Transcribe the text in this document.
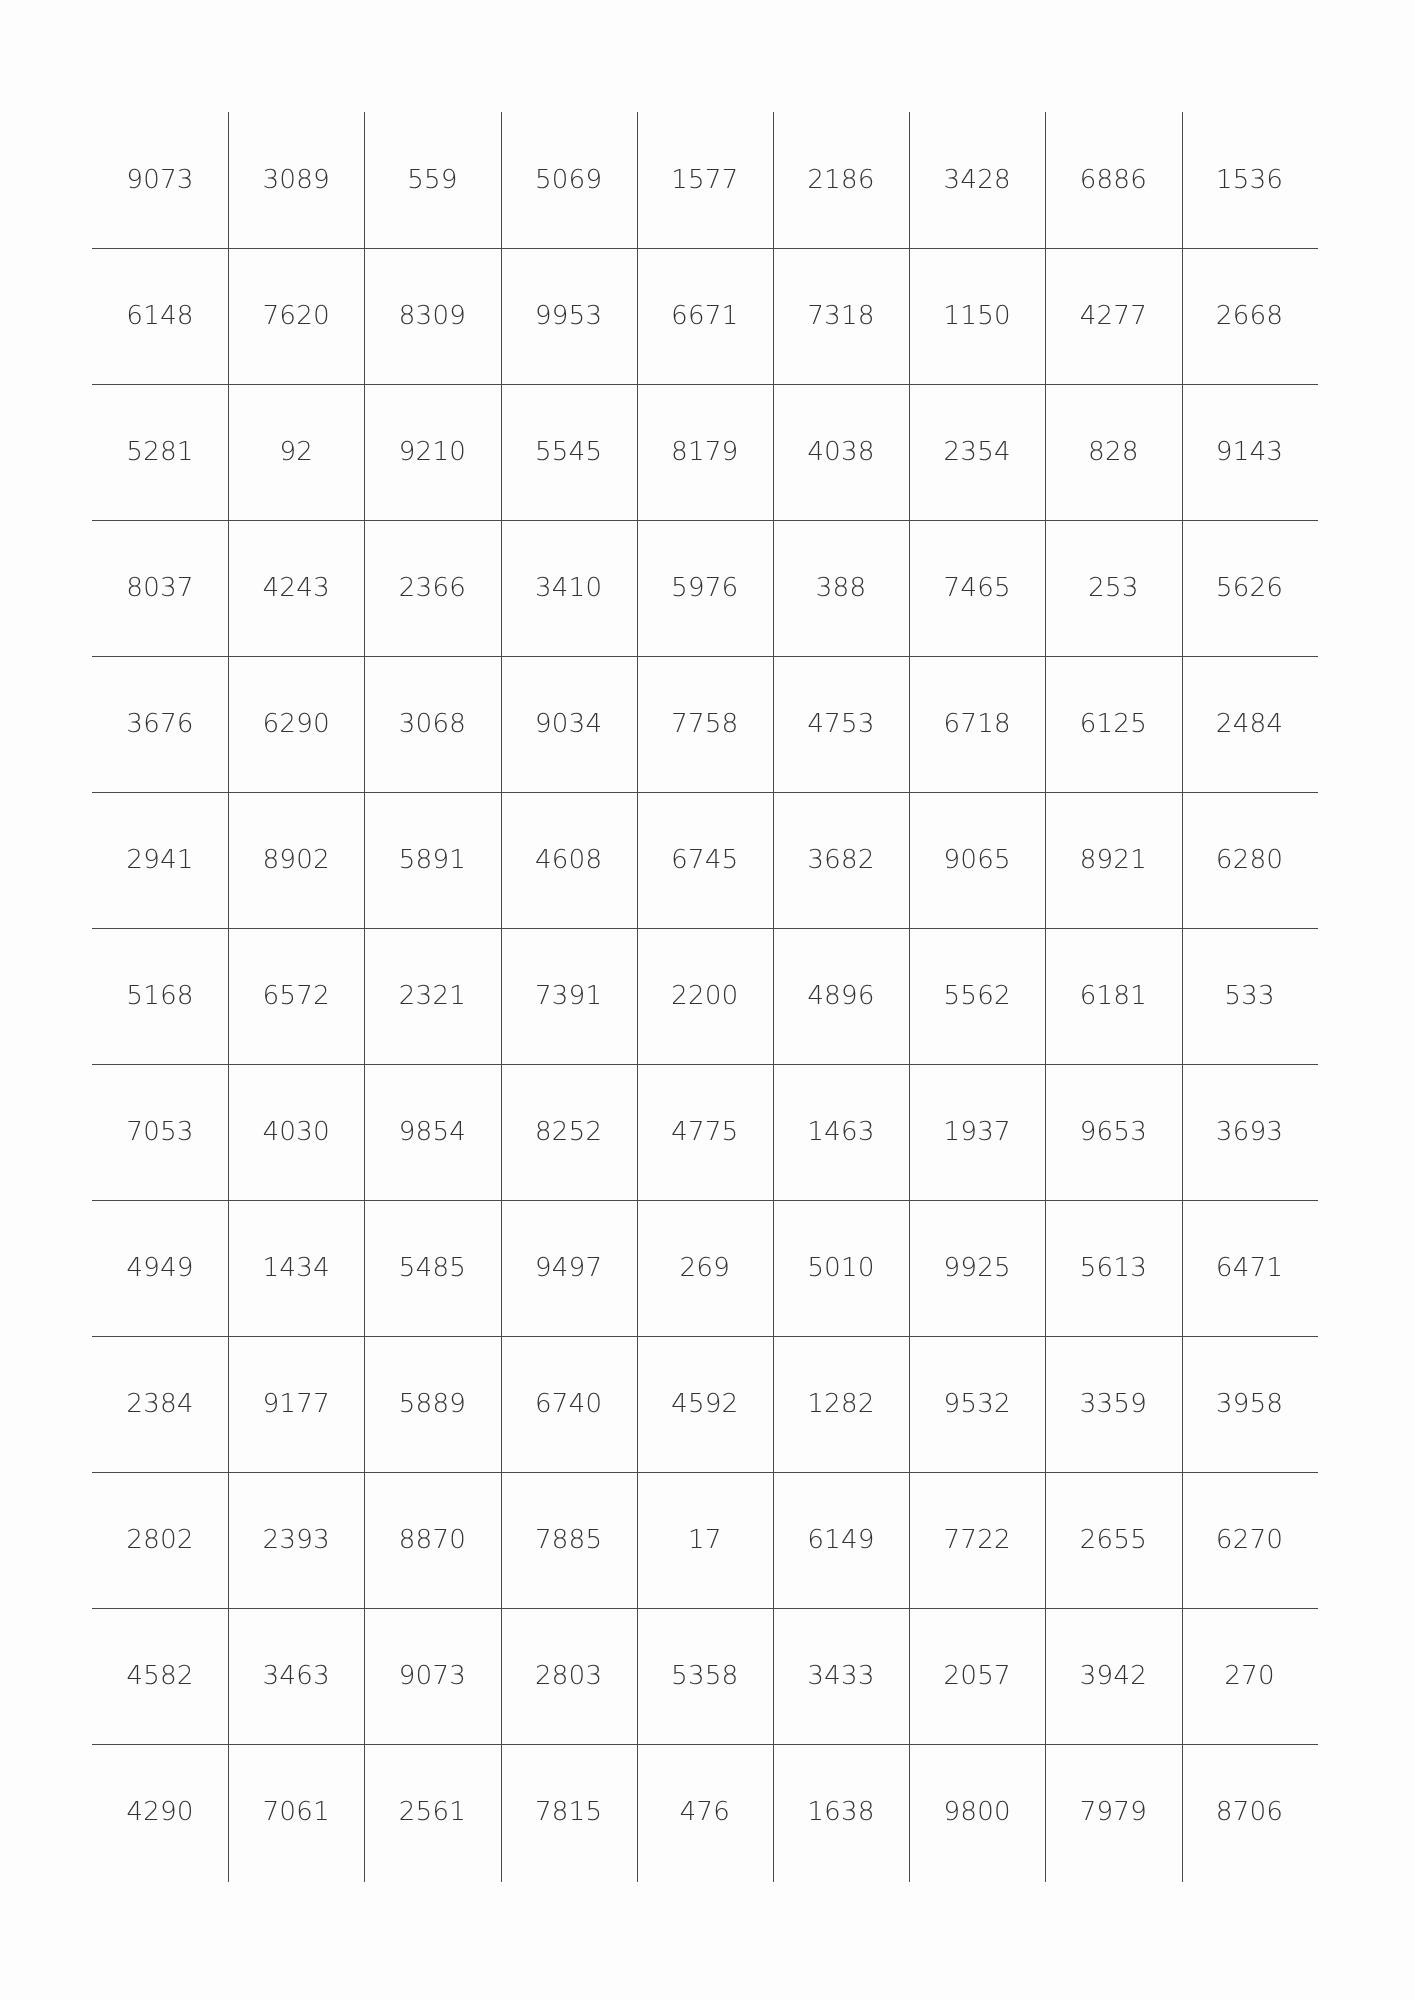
9073	3089	559	5069	1577	2186	3428	6886	1536
6148	7620	8309	9953	6671	7318	1150	4277	2668
5281	92	9210	5545	8179	4038	2354	828	9143
8037	4243	2366	3410	5976	388	7465	253	5626
3676	6290	3068	9034	7758	4753	6718	6125	2484
2941	8902	5891	4608	6745	3682	9065	8921	6280
5168	6572	2321	7391	2200	4896	5562	6181	533
7053	4030	9854	8252	4775	1463	1937	9653	3693
4949	1434	5485	9497	269	5010	9925	5613	6471
2384	9177	5889	6740	4592	1282	9532	3359	3958
2802	2393	8870	7885	17	6149	7722	2655	6270
4582	3463	9073	2803	5358	3433	2057	3942	270
4290	7061	2561	7815	476	1638	9800	7979	8706
